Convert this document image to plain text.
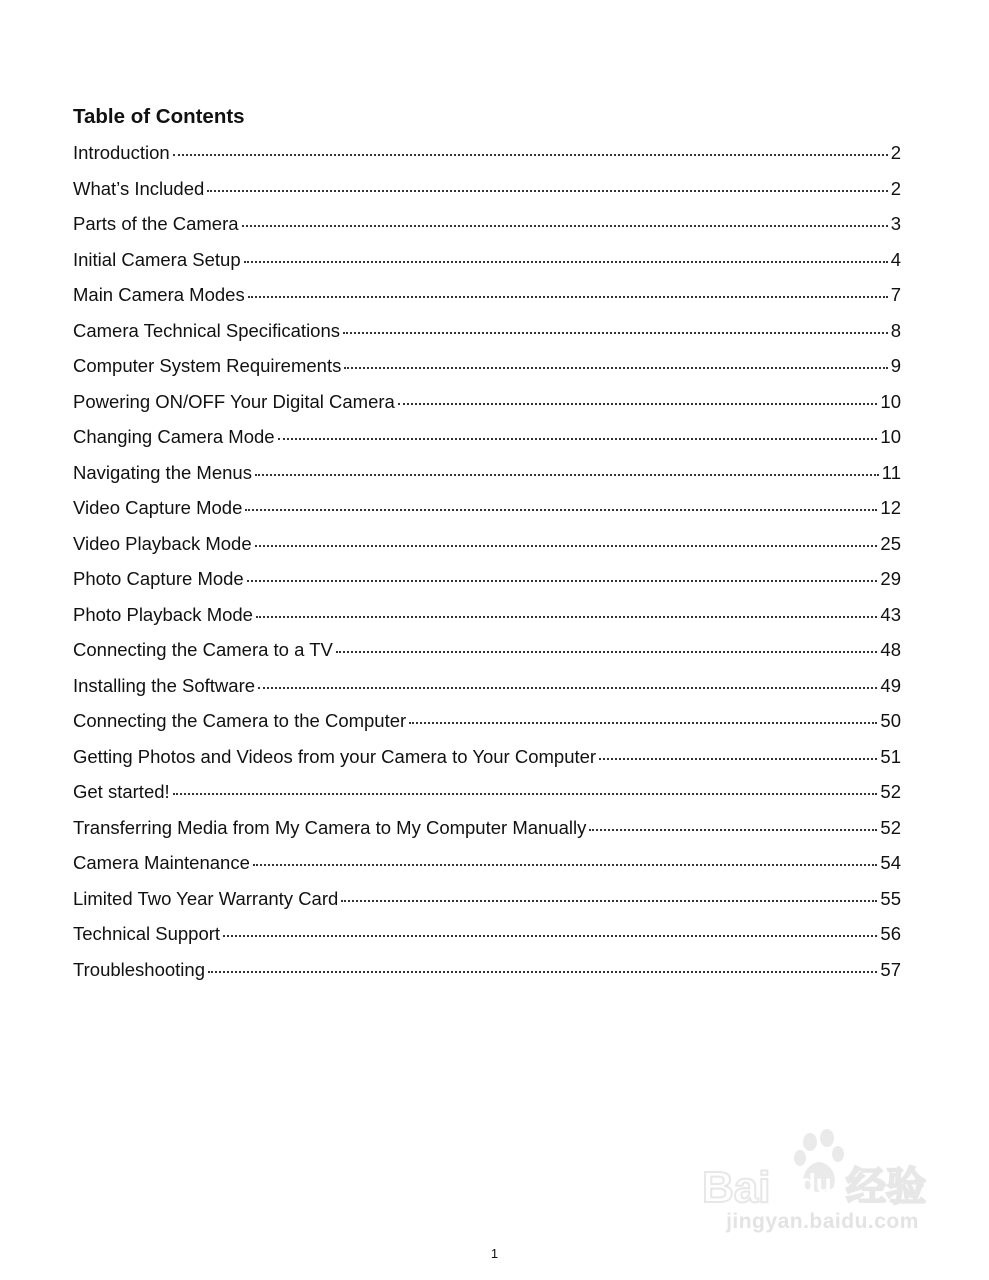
Table of Contents
Introduction	2
What’s Included	2
Parts of the Camera	3
Initial Camera Setup	4
Main Camera Modes	7
Camera Technical Specifications	8
Computer System Requirements	9
Powering ON/OFF Your Digital Camera	10
Changing Camera Mode	10
Navigating the Menus	11
Video Capture Mode	12
Video Playback Mode	25
Photo Capture Mode	29
Photo Playback Mode	43
Connecting the Camera to a TV	48
Installing the Software	49
Connecting the Camera to the Computer	50
Getting Photos and Videos from your Camera to Your Computer	51
Get started!	52
Transferring Media from My Camera to My Computer Manually	52
Camera Maintenance	54
Limited Two Year Warranty Card	55
Technical Support	56
Troubleshooting	57
1
Bai du 经验
jingyan.baidu.com
